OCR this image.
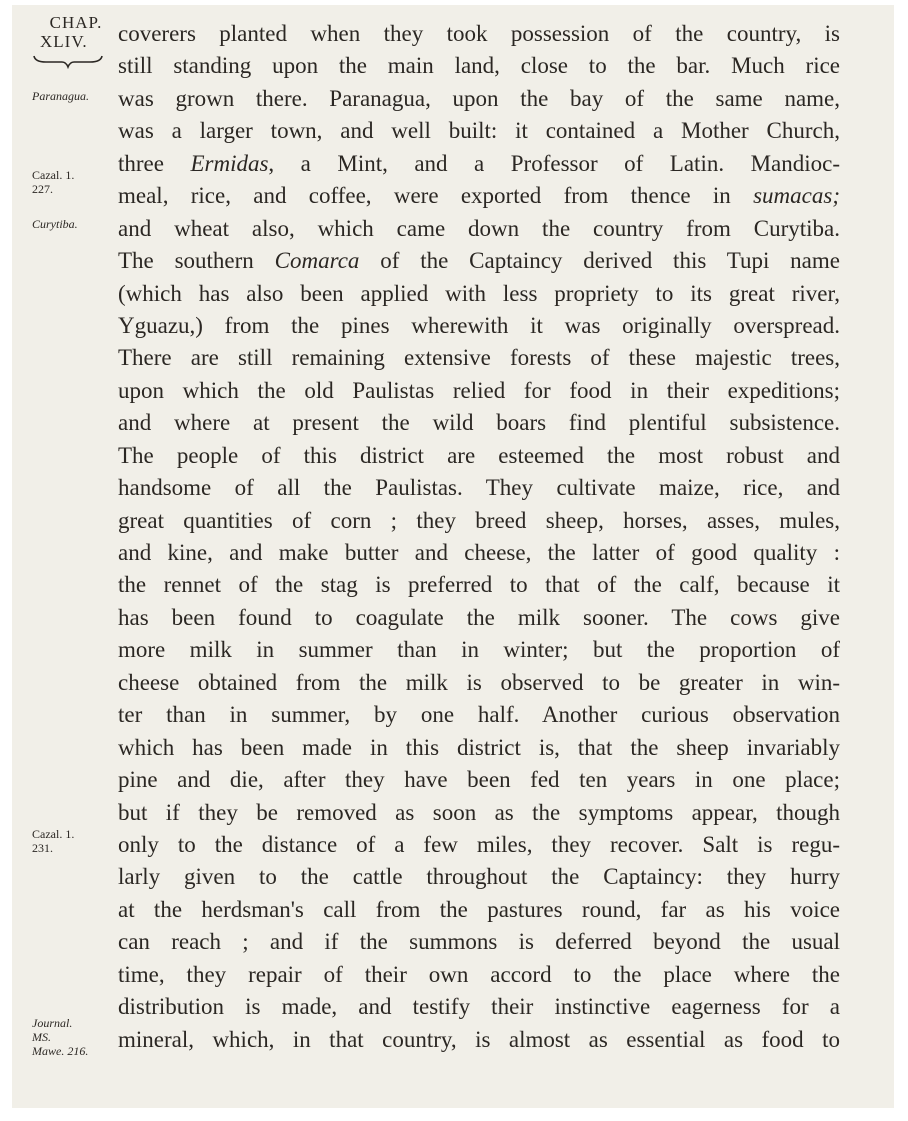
CHAP.
XLIV.
Paranagua.
Cazal. 1.
227.
Curytiba.
Cazal. 1.
231.
Journal.
MS.
Mawe. 216.
coverers planted when they took possession of the country, is
still standing upon the main land, close to the bar. Much rice
was grown there. Paranagua, upon the bay of the same name,
was a larger town, and well built: it contained a Mother Church,
three Ermidas, a Mint, and a Professor of Latin. Mandioc-
meal, rice, and coffee, were exported from thence in sumacas;
and wheat also, which came down the country from Curytiba.
The southern Comarca of the Captaincy derived this Tupi name
(which has also been applied with less propriety to its great river,
Yguazu,) from the pines wherewith it was originally overspread.
There are still remaining extensive forests of these majestic trees,
upon which the old Paulistas relied for food in their expeditions;
and where at present the wild boars find plentiful subsistence.
The people of this district are esteemed the most robust and
handsome of all the Paulistas. They cultivate maize, rice, and
great quantities of corn ; they breed sheep, horses, asses, mules,
and kine, and make butter and cheese, the latter of good quality :
the rennet of the stag is preferred to that of the calf, because it
has been found to coagulate the milk sooner. The cows give
more milk in summer than in winter; but the proportion of
cheese obtained from the milk is observed to be greater in win-
ter than in summer, by one half. Another curious observation
which has been made in this district is, that the sheep invariably
pine and die, after they have been fed ten years in one place;
but if they be removed as soon as the symptoms appear, though
only to the distance of a few miles, they recover. Salt is regu-
larly given to the cattle throughout the Captaincy: they hurry
at the herdsman's call from the pastures round, far as his voice
can reach ; and if the summons is deferred beyond the usual
time, they repair of their own accord to the place where the
distribution is made, and testify their instinctive eagerness for a
mineral, which, in that country, is almost as essential as food to
